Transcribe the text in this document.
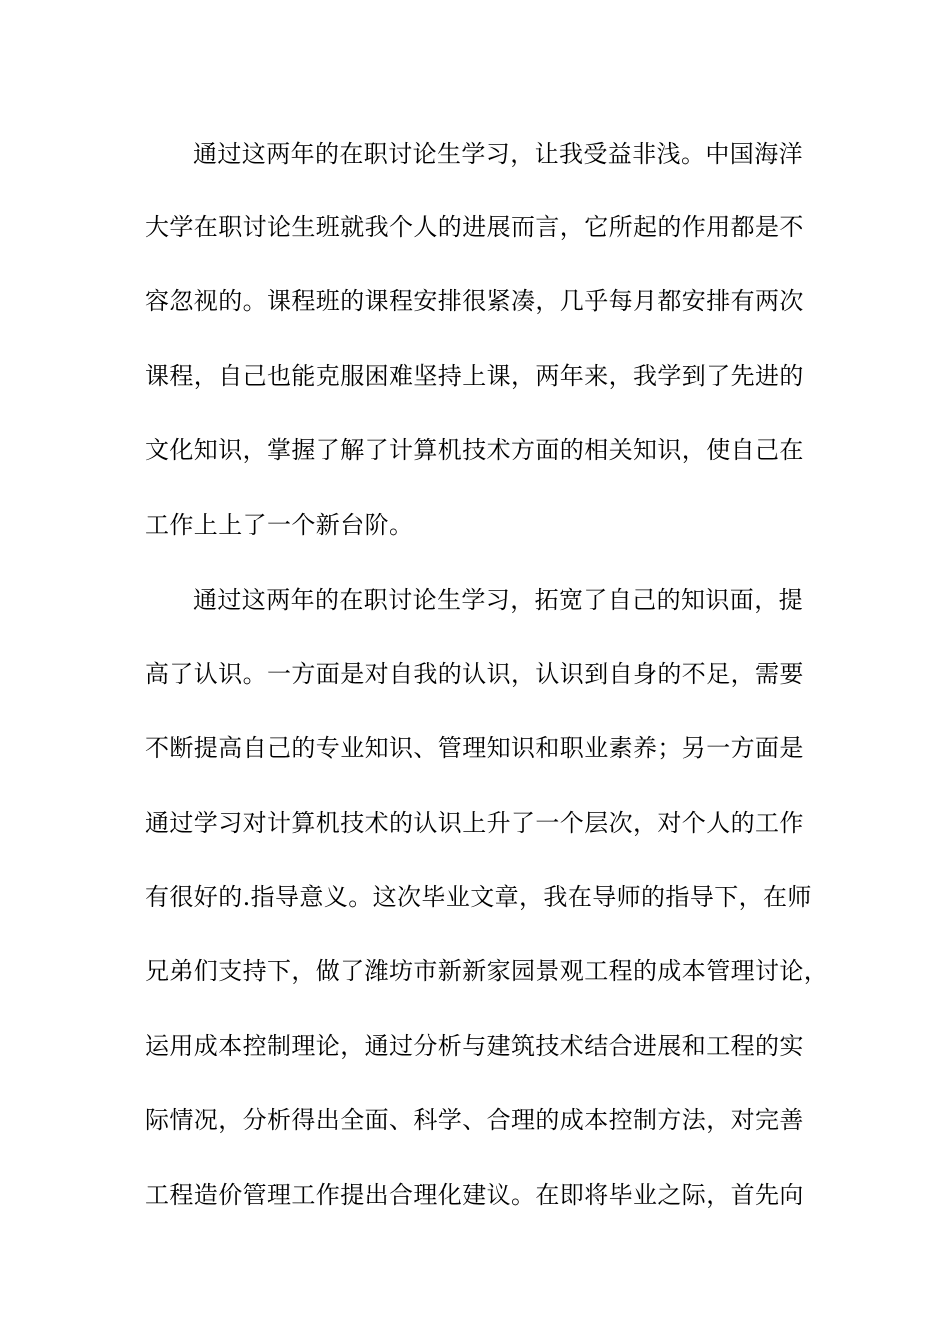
通过这两年的在职讨论生学习，让我受益非浅。中国海洋
大学在职讨论生班就我个人的进展而言，它所起的作用都是不
容忽视的。课程班的课程安排很紧凑，几乎每月都安排有两次
课程，自己也能克服困难坚持上课，两年来，我学到了先进的
文化知识，掌握了解了计算机技术方面的相关知识，使自己在
工作上上了一个新台阶。
通过这两年的在职讨论生学习，拓宽了自己的知识面，提
高了认识。一方面是对自我的认识，认识到自身的不足，需要
不断提高自己的专业知识、管理知识和职业素养；另一方面是
通过学习对计算机技术的认识上升了一个层次，对个人的工作
有很好的.指导意义。这次毕业文章，我在导师的指导下，在师
兄弟们支持下，做了潍坊市新新家园景观工程的成本管理讨论，
运用成本控制理论，通过分析与建筑技术结合进展和工程的实
际情况，分析得出全面、科学、合理的成本控制方法，对完善
工程造价管理工作提出合理化建议。在即将毕业之际，首先向
